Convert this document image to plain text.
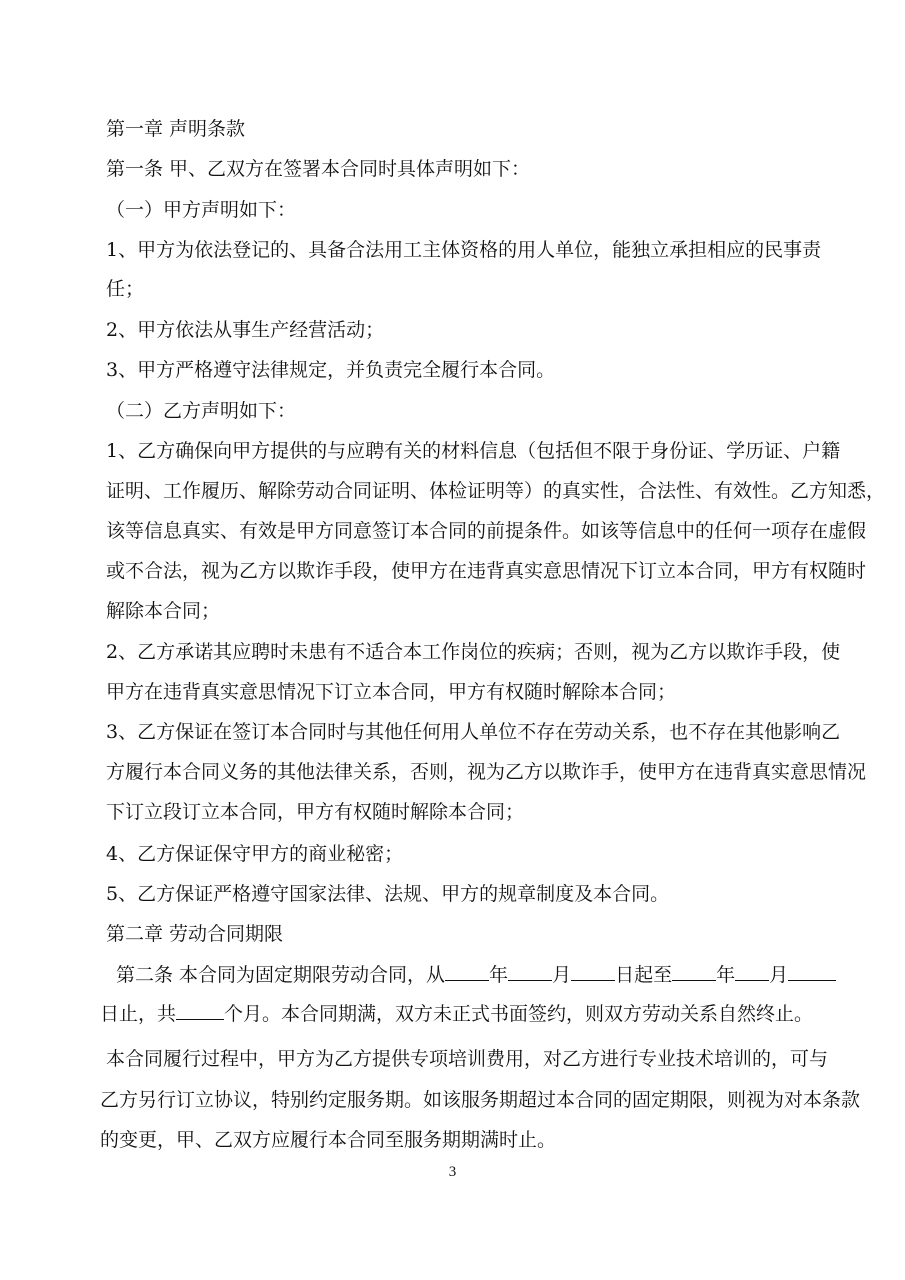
第一章 声明条款
第一条 甲、乙双方在签署本合同时具体声明如下：
（一）甲方声明如下：
1、甲方为依法登记的、具备合法用工主体资格的用人单位，能独立承担相应的民事责
任；
2、甲方依法从事生产经营活动；
3、甲方严格遵守法律规定，并负责完全履行本合同。
（二）乙方声明如下：
1、乙方确保向甲方提供的与应聘有关的材料信息（包括但不限于身份证、学历证、户籍
证明、工作履历、解除劳动合同证明、体检证明等）的真实性，合法性、有效性。乙方知悉，
该等信息真实、有效是甲方同意签订本合同的前提条件。如该等信息中的任何一项存在虚假
或不合法，视为乙方以欺诈手段，使甲方在违背真实意思情况下订立本合同，甲方有权随时
解除本合同；
2、乙方承诺其应聘时未患有不适合本工作岗位的疾病；否则，视为乙方以欺诈手段，使
甲方在违背真实意思情况下订立本合同，甲方有权随时解除本合同；
3、乙方保证在签订本合同时与其他任何用人单位不存在劳动关系，也不存在其他影响乙
方履行本合同义务的其他法律关系，否则，视为乙方以欺诈手，使甲方在违背真实意思情况
下订立段订立本合同，甲方有权随时解除本合同；
4、乙方保证保守甲方的商业秘密；
5、乙方保证严格遵守国家法律、法规、甲方的规章制度及本合同。
第二章 劳动合同期限
第二条 本合同为固定期限劳动合同，从 年 月 日起至 年 月
日止，共	个月。本合同期满，双方未正式书面签约，则双方劳动关系自然终止。
本合同履行过程中，甲方为乙方提供专项培训费用，对乙方进行专业技术培训的，可与
乙方另行订立协议，特别约定服务期。如该服务期超过本合同的固定期限，则视为对本条款
的变更，甲、乙双方应履行本合同至服务期期满时止。
3
